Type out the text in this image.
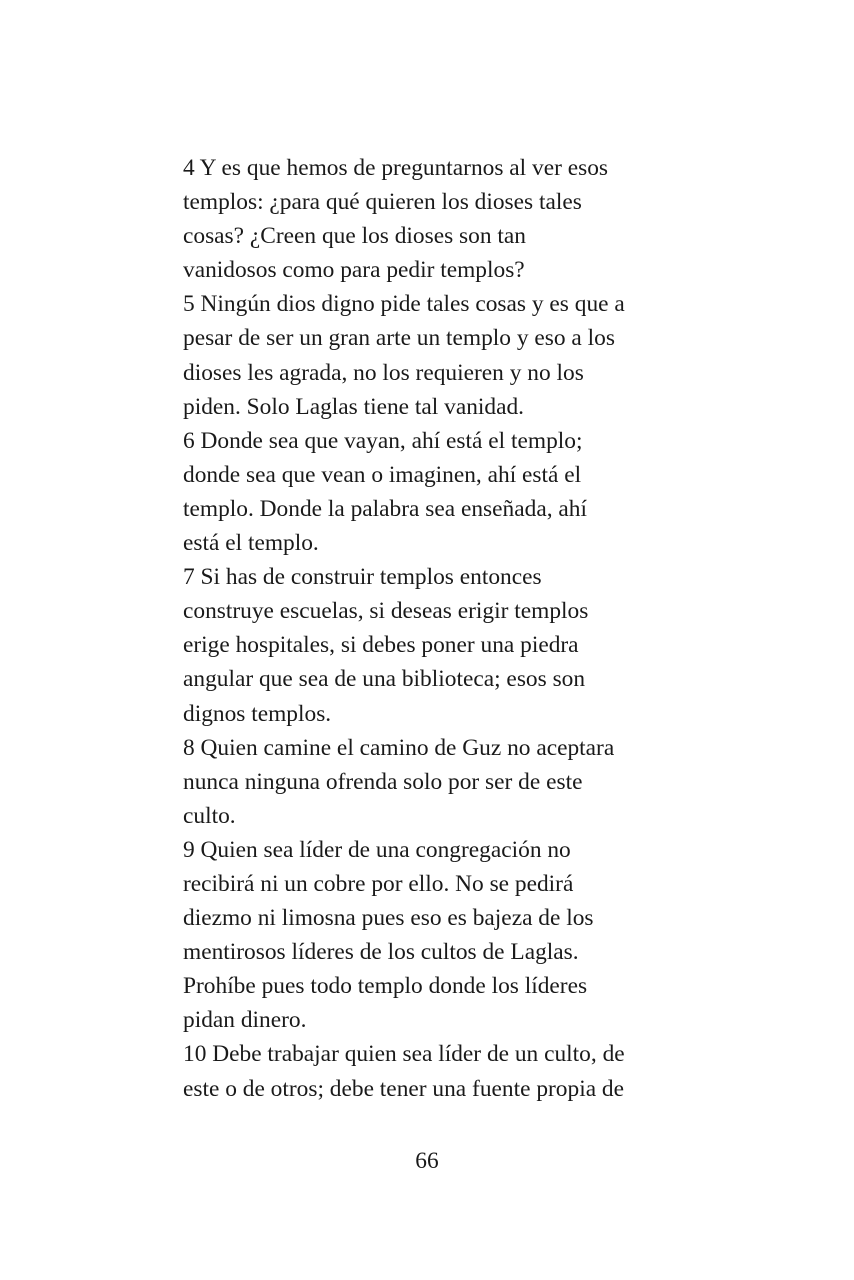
4 Y es que hemos de preguntarnos al ver esos
templos: ¿para qué quieren los dioses tales
cosas? ¿Creen que los dioses son tan
vanidosos como para pedir templos?
5 Ningún dios digno pide tales cosas y es que a
pesar de ser un gran arte un templo y eso a los
dioses les agrada, no los requieren y no los
piden. Solo Laglas tiene tal vanidad.
6 Donde sea que vayan, ahí está el templo;
donde sea que vean o imaginen, ahí está el
templo. Donde la palabra sea enseñada, ahí
está el templo.
7 Si has de construir templos entonces
construye escuelas, si deseas erigir templos
erige hospitales, si debes poner una piedra
angular que sea de una biblioteca; esos son
dignos templos.
8 Quien camine el camino de Guz no aceptara
nunca ninguna ofrenda solo por ser de este
culto.
9 Quien sea líder de una congregación no
recibirá ni un cobre por ello. No se pedirá
diezmo ni limosna pues eso es bajeza de los
mentirosos líderes de los cultos de Laglas.
Prohíbe pues todo templo donde los líderes
pidan dinero.
10 Debe trabajar quien sea líder de un culto, de
este o de otros; debe tener una fuente propia de
66
